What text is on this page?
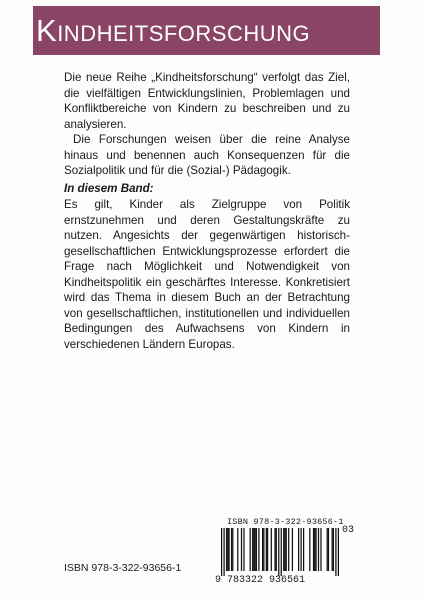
KINDHEITSFORSCHUNG

Die neue Reihe „Kindheitsforschung“ verfolgt das Ziel, die vielfältigen Entwicklungslinien, Problemlagen und Konfliktbereiche von Kindern zu beschreiben und zu analysieren.

Die Forschungen weisen über die reine Analyse hinaus und benennen auch Konsequenzen für die Sozialpolitik und für die (Sozial-) Pädagogik.

In diesem Band:
Es gilt, Kinder als Zielgruppe von Politik ernstzunehmen und deren Gestaltungskräfte zu nutzen. Angesichts der gegenwärtigen historisch-gesellschaftlichen Entwicklungsprozesse erfordert die Frage nach Möglichkeit und Notwendigkeit von Kindheitspolitik ein geschärftes Interesse. Konkretisiert wird das Thema in diesem Buch an der Betrachtung von gesellschaftlichen, institutionellen und individuellen Bedingungen des Aufwachsens von Kindern in verschiedenen Ländern Europas.
ISBN 978-3-322-93656-1
ISBN 978-3-322-93656-1
03
9 783322 936561
